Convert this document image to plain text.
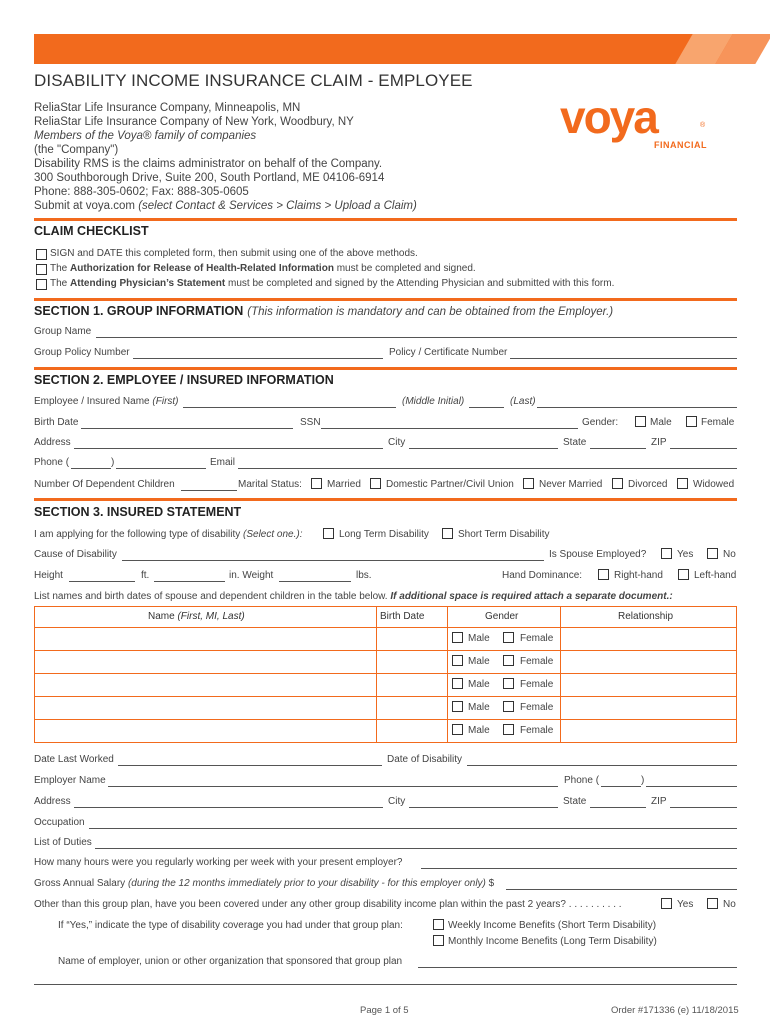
DISABILITY INCOME INSURANCE CLAIM - EMPLOYEE
ReliaStar Life Insurance Company, Minneapolis, MN
ReliaStar Life Insurance Company of New York, Woodbury, NY
Members of the Voya® family of companies
(the "Company")
Disability RMS is the claims administrator on behalf of the Company.
300 Southborough Drive, Suite 200, South Portland, ME 04106-6914
Phone: 888-305-0602; Fax: 888-305-0605
Submit at voya.com (select Contact & Services > Claims > Upload a Claim)
voya	®
FINANCIAL
CLAIM CHECKLIST
SIGN and DATE this completed form, then submit using one of the above methods.
The Authorization for Release of Health-Related Information must be completed and signed.
The Attending Physician’s Statement must be completed and signed by the Attending Physician and submitted with this form.
SECTION 1. GROUP INFORMATION (This information is mandatory and can be obtained from the Employer.)
Group Name
Group Policy Number	Policy / Certificate Number
SECTION 2. EMPLOYEE / INSURED INFORMATION
Employee / Insured Name (First)	(Middle Initial)	(Last)
Birth Date	SSN	Gender:	Male	Female
Address	City	State	ZIP
Phone (	)	Email
Number Of Dependent Children	Marital Status:	Married	Domestic Partner/Civil Union	Never Married	Divorced	Widowed
SECTION 3. INSURED STATEMENT
I am applying for the following type of disability (Select one.):	Long Term Disability	Short Term Disability
Cause of Disability	Is Spouse Employed?	Yes	No
Height	ft.	in. Weight	lbs.	Hand Dominance:	Right-hand	Left-hand
List names and birth dates of spouse and dependent children in the table below. If additional space is required attach a separate document.:
Name (First, MI, Last)	Birth Date	Gender	Relationship
Male	Female
Male	Female
Male	Female
Male	Female
Male	Female
Date Last Worked	Date of Disability
Employer Name	Phone (	)
Address	City	State	ZIP
Occupation
List of Duties
How many hours were you regularly working per week with your present employer?
Gross Annual Salary (during the 12 months immediately prior to your disability - for this employer only) $
Other than this group plan, have you been covered under any other group disability income plan within the past 2 years? . . . . . . . . . .	Yes	No
If “Yes,” indicate the type of disability coverage you had under that group plan:	Weekly Income Benefits (Short Term Disability)
Monthly Income Benefits (Long Term Disability)
Name of employer, union or other organization that sponsored that group plan
Page 1 of 5	Order #171336 (e) 11/18/2015
